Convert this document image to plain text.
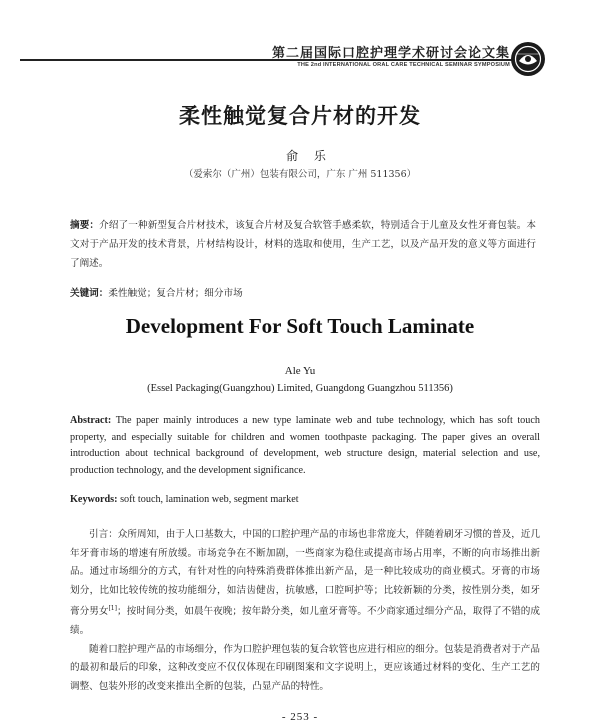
第二届国际口腔护理学术研讨会论文集
THE 2nd INTERNATIONAL ORAL CARE TECHNICAL SEMINAR SYMPOSIUM
柔性触觉复合片材的开发
俞 乐
（爱索尔（广州）包装有限公司，广东 广州 511356）
摘要：介绍了一种新型复合片材技术，该复合片材及复合软管手感柔软，特别适合于儿童及女性牙膏包装。本文对于产品开发的技术背景，片材结构设计，材料的选取和使用，生产工艺，以及产品开发的意义等方面进行了阐述。
关键词：柔性触觉；复合片材；细分市场
Development For Soft Touch Laminate
Ale Yu
(Essel Packaging(Guangzhou) Limited, Guangdong Guangzhou 511356)
Abstract: The paper mainly introduces a new type laminate web and tube technology, which has soft touch property, and especially suitable for children and women toothpaste packaging. The paper gives an overall introduction about technical background of development, web structure design, material selection and use, production technology, and the development significance.
Keywords: soft touch, lamination web, segment market

引言：众所周知，由于人口基数大，中国的口腔护理产品的市场也非常庞大，伴随着刷牙习惯的普及，近几年牙膏市场的增速有所放缓。市场竞争在不断加剧，一些商家为稳住或提高市场占用率，不断的向市场推出新品。通过市场细分的方式，有针对性的向特殊消费群体推出新产品，是一种比较成功的商业模式。牙膏的市场划分，比如比较传统的按功能细分，如洁齿健齿，抗敏感，口腔呵护等；比较新颖的分类，按性别分类，如牙膏分男女[1]；按时间分类，如晨午夜晚；按年龄分类，如儿童牙膏等。不少商家通过细分产品，取得了不错的成绩。

随着口腔护理产品的市场细分，作为口腔护理包装的复合软管也应进行相应的细分。包装是消费者对于产品的最初和最后的印象，这种改变应不仅仅体现在印刷图案和文字说明上，更应该通过材料的变化、生产工艺的调整、包装外形的改变来推出全新的包装，凸显产品的特性。

- 253 -
